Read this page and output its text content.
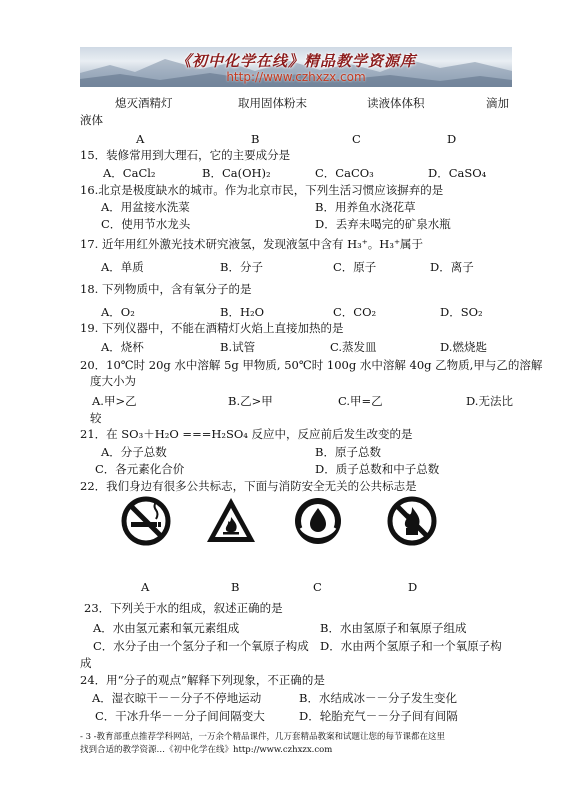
《初中化学在线》精品教学资源库
http://www.czhxzx.com
熄灭酒精灯	取用固体粉末	读液体体积	滴加
液体
A	B	C	D
15．装修常用到大理石，它的主要成分是
A．CaCl₂	B．Ca(OH)₂	C．CaCO₃	D．CaSO₄
16.北京是极度缺水的城市。作为北京市民，下列生活习惯应该摒弃的是
A．用盆接水洗菜	B．用养鱼水浇花草
C．使用节水龙头	D．丢弃未喝完的矿泉水瓶
17. 近年用红外激光技术研究液氢，发现液氢中含有 H₃⁺。H₃⁺属于
A．单质	B．分子	C．原子	D．离子
18. 下列物质中，含有氧分子的是
A．O₂	B．H₂O	C．CO₂	D．SO₂
19. 下列仪器中，不能在酒精灯火焰上直接加热的是
A．烧杯	B.试管	C.蒸发皿	D.燃烧匙
20．10℃时 20g 水中溶解 5g 甲物质, 50℃时 100g 水中溶解 40g 乙物质,甲与乙的溶解
度大小为
A.甲>乙	B.乙>甲	C.甲=乙	D.无法比
较
21．在 SO₃＋H₂O ===H₂SO₄ 反应中，反应前后发生改变的是
A．分子总数	B．原子总数
C．各元素化合价	D．质子总数和中子总数
22．我们身边有很多公共标志，下面与消防安全无关的公共标志是
A	B	C	D
23．下列关于水的组成，叙述正确的是
A．水由氢元素和氧元素组成	B．水由氢原子和氧原子组成
C．水分子由一个氢分子和一个氧原子构成 D．水由两个氢原子和一个氧原子构
成
24．用“分子的观点”解释下列现象，不正确的是
A．湿衣晾干－－分子不停地运动	B．水结成冰－－分子发生变化
C．干冰升华－－分子间间隔变大	D．轮胎充气－－分子间有间隔
- 3 -教育部重点推荐学科网站，一万余个精品课件，几万套精品教案和试题让您的每节课都在这里
找到合适的教学资源…《初中化学在线》http://www.czhxzx.com
